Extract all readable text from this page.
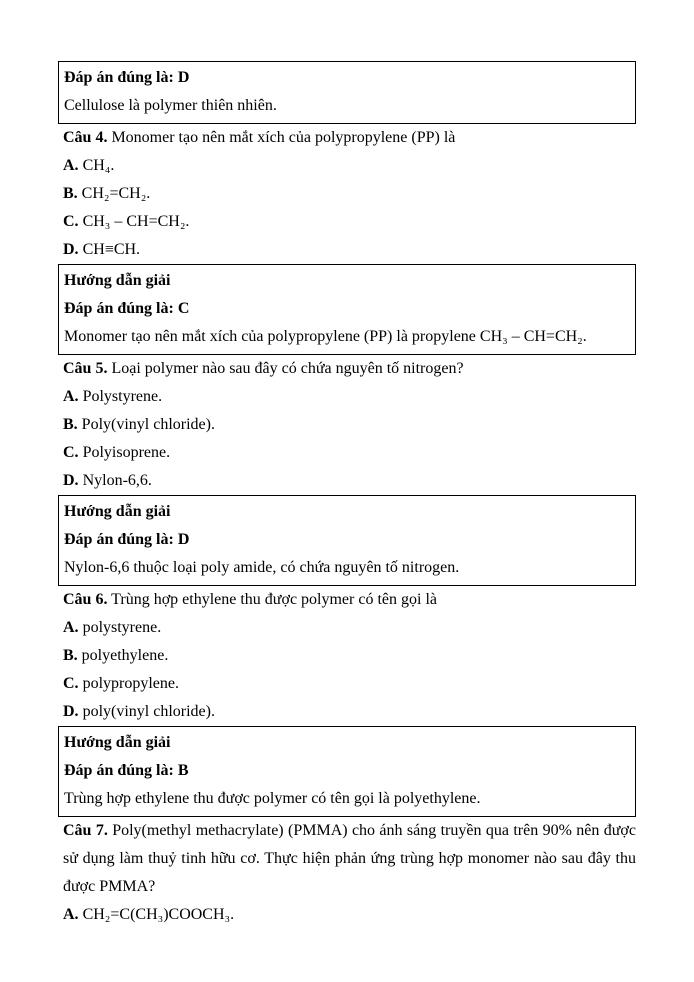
Đáp án đúng là: D

Cellulose là polymer thiên nhiên.

Câu 4. Monomer tạo nên mắt xích của polypropylene (PP) là

A. CH₄.

B. CH₂=CH₂.

C. CH₃ – CH=CH₂.

D. CH≡CH.

Hướng dẫn giải

Đáp án đúng là: C

Monomer tạo nên mắt xích của polypropylene (PP) là propylene CH₃ – CH=CH₂.

Câu 5. Loại polymer nào sau đây có chứa nguyên tố nitrogen?

A. Polystyrene.

B. Poly(vinyl chloride).

C. Polyisoprene.

D. Nylon-6,6.

Hướng dẫn giải

Đáp án đúng là: D

Nylon-6,6 thuộc loại poly amide, có chứa nguyên tố nitrogen.

Câu 6. Trùng hợp ethylene thu được polymer có tên gọi là

A. polystyrene.

B. polyethylene.

C. polypropylene.

D. poly(vinyl chloride).

Hướng dẫn giải

Đáp án đúng là: B

Trùng hợp ethylene thu được polymer có tên gọi là polyethylene.

Câu 7. Poly(methyl methacrylate) (PMMA) cho ánh sáng truyền qua trên 90% nên được sử dụng làm thuỷ tinh hữu cơ. Thực hiện phản ứng trùng hợp monomer nào sau đây thu được PMMA?

A. CH₂=C(CH₃)COOCH₃.
